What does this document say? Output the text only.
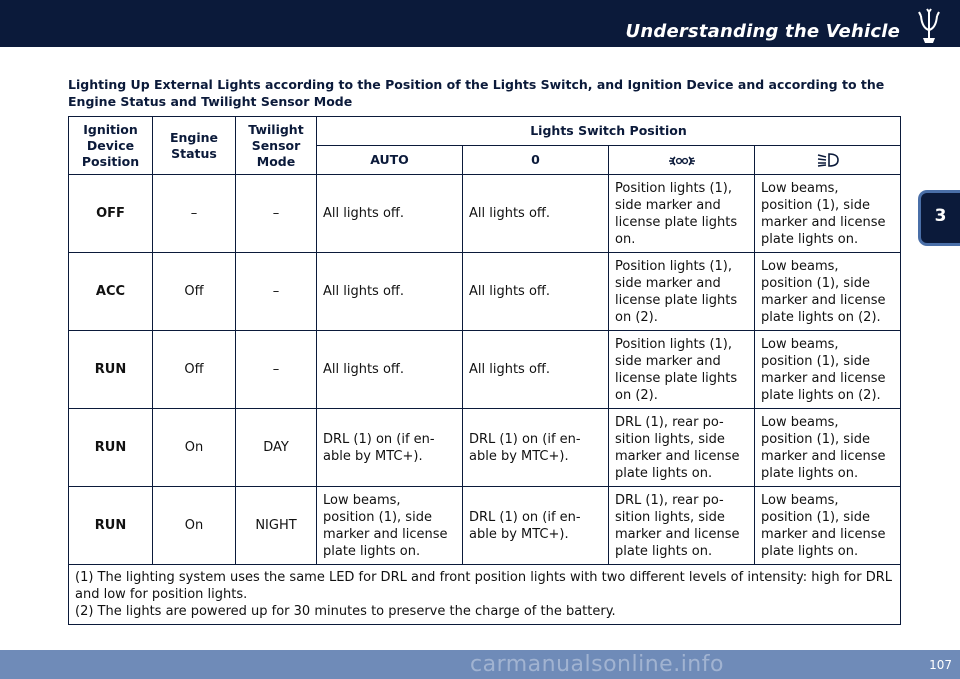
Understanding the Vehicle
3
Lighting Up External Lights according to the Position of the Lights Switch, and Ignition Device and according to the Engine Status and Twilight Sensor Mode
Ignition Device Position	Engine Status	Twilight Sensor Mode	Lights Switch Position			
			AUTO	0		
OFF	–	–	All lights off.	All lights off.	Position lights (1), side marker and license plate lights on.	Low beams, position (1), side marker and license plate lights on.
ACC	Off	–	All lights off.	All lights off.	Position lights (1), side marker and license plate lights on (2).	Low beams, position (1), side marker and license plate lights on (2).
RUN	Off	–	All lights off.	All lights off.	Position lights (1), side marker and license plate lights on (2).	Low beams, position (1), side marker and license plate lights on (2).
RUN	On	DAY	DRL (1) on (if en-able by MTC+).	DRL (1) on (if en-able by MTC+).	DRL (1), rear po-sition lights, side marker and license plate lights on.	Low beams, position (1), side marker and license plate lights on.
RUN	On	NIGHT	Low beams, position (1), side marker and license plate lights on.	DRL (1) on (if en-able by MTC+).	DRL (1), rear po-sition lights, side marker and license plate lights on.	Low beams, position (1), side marker and license plate lights on.

(1) The lighting system uses the same LED for DRL and front position lights with two different levels of intensity: high for DRL and low for position lights.
(2) The lights are powered up for 30 minutes to preserve the charge of the battery.						
carmanualsonline.info	107
